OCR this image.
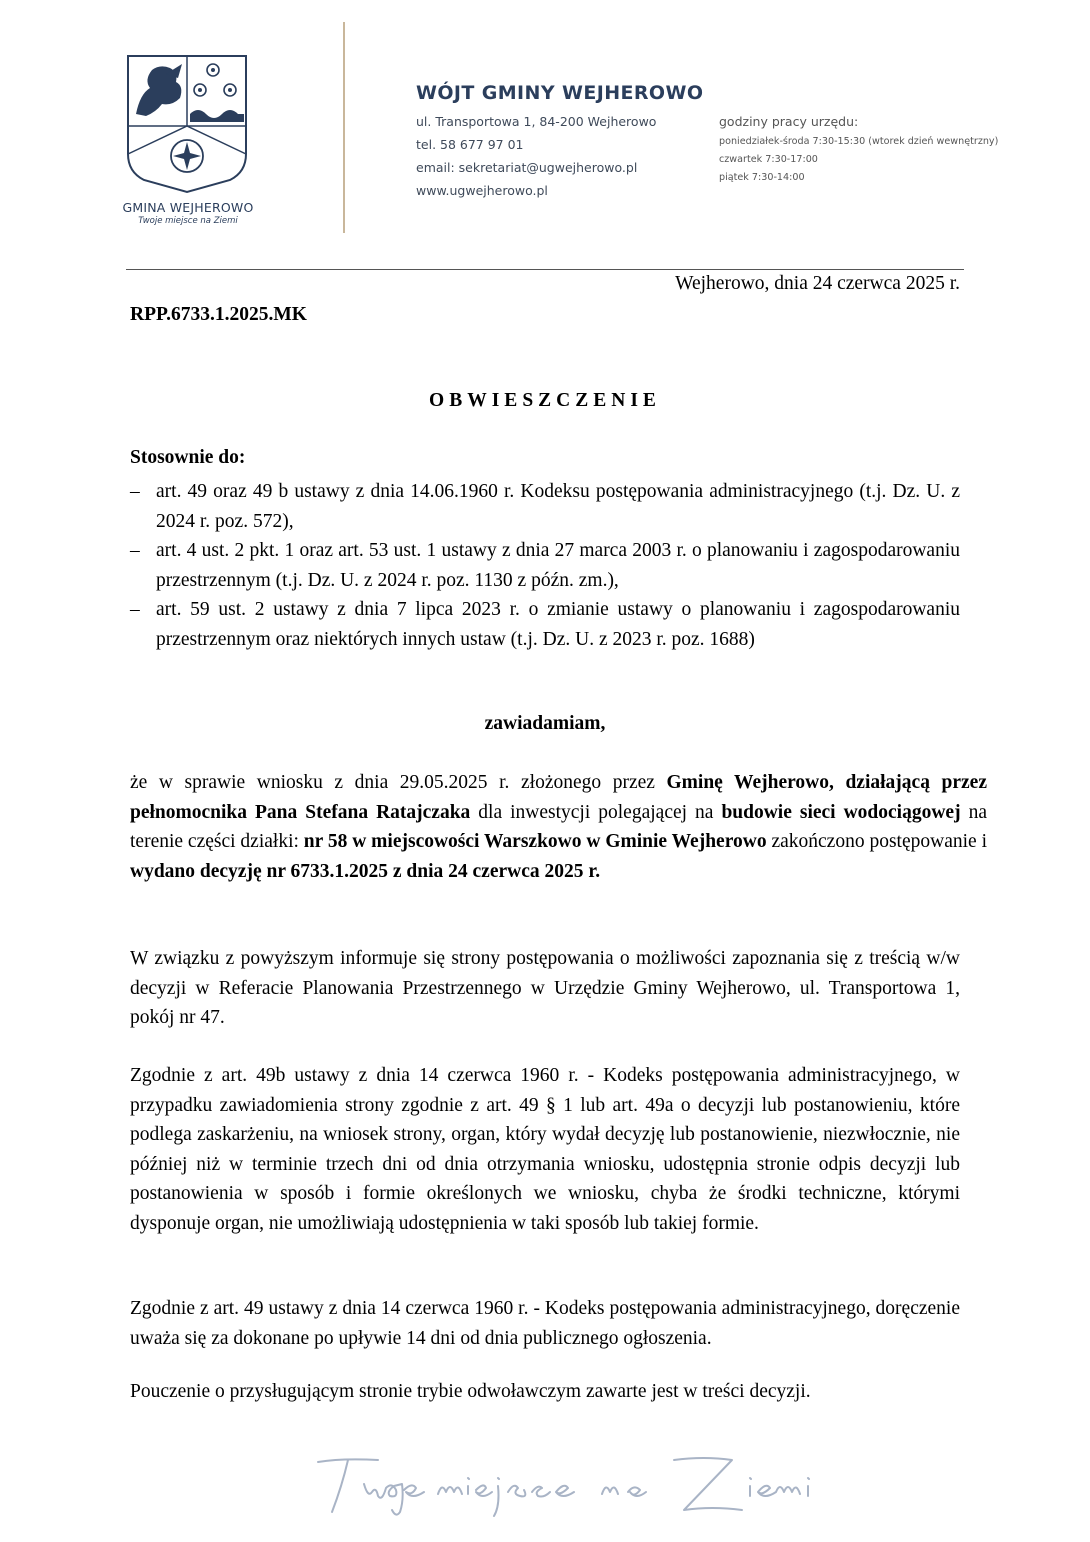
GMINA WEJHEROWO
Twoje miejsce na Ziemi
WÓJT GMINY WEJHEROWO
ul. Transportowa 1, 84-200 Wejherowo
tel. 58 677 97 01
email: sekretariat@ugwejherowo.pl
www.ugwejherowo.pl
godziny pracy urzędu:
poniedziałek-środa 7:30-15:30 (wtorek dzień wewnętrzny)
czwartek 7:30-17:00
piątek 7:30-14:00
Wejherowo, dnia 24 czerwca 2025 r.
RPP.6733.1.2025.MK
OBWIESZCZENIE
Stosownie do:
– art. 49 oraz 49 b ustawy z dnia 14.06.1960 r. Kodeksu postępowania administracyjnego (t.j. Dz. U. z 2024 r. poz. 572),
– art. 4 ust. 2 pkt. 1 oraz art. 53 ust. 1 ustawy z dnia 27 marca 2003 r. o planowaniu i zagospodarowaniu przestrzennym (t.j. Dz. U. z 2024 r. poz. 1130 z późn. zm.),
– art. 59 ust. 2 ustawy z dnia 7 lipca 2023 r. o zmianie ustawy o planowaniu i zagospodarowaniu przestrzennym oraz niektórych innych ustaw (t.j. Dz. U. z 2023 r. poz. 1688)
zawiadamiam,

że w sprawie wniosku z dnia 29.05.2025 r. złożonego przez Gminę Wejherowo, działającą przez pełnomocnika Pana Stefana Ratajczaka dla inwestycji polegającej na budowie sieci wodociągowej na terenie części działki: nr 58 w miejscowości Warszkowo w Gminie Wejherowo zakończono postępowanie i wydano decyzję nr 6733.1.2025 z dnia 24 czerwca 2025 r.

W związku z powyższym informuje się strony postępowania o możliwości zapoznania się z treścią w/w decyzji w Referacie Planowania Przestrzennego w Urzędzie Gminy Wejherowo, ul. Transportowa 1, pokój nr 47.

Zgodnie z art. 49b ustawy z dnia 14 czerwca 1960 r. - Kodeks postępowania administracyjnego, w przypadku zawiadomienia strony zgodnie z art. 49 § 1 lub art. 49a o decyzji lub postanowieniu, które podlega zaskarżeniu, na wniosek strony, organ, który wydał decyzję lub postanowienie, niezwłocznie, nie później niż w terminie trzech dni od dnia otrzymania wniosku, udostępnia stronie odpis decyzji lub postanowienia w sposób i formie określonych we wniosku, chyba że środki techniczne, którymi dysponuje organ, nie umożliwiają udostępnienia w taki sposób lub takiej formie.

Zgodnie z art. 49 ustawy z dnia 14 czerwca 1960 r. - Kodeks postępowania administracyjnego, doręczenie uważa się za dokonane po upływie 14 dni od dnia publicznego ogłoszenia.

Pouczenie o przysługującym stronie trybie odwoławczym zawarte jest w treści decyzji.
